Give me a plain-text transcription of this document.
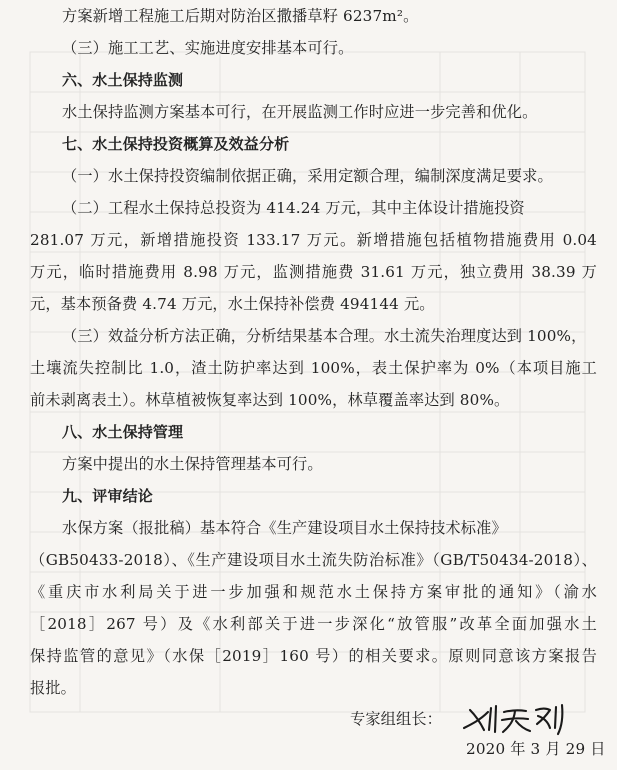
方案新增工程施工后期对防治区撒播草籽 6237m²。
（三）施工工艺、实施进度安排基本可行。
六、水土保持监测
水土保持监测方案基本可行，在开展监测工作时应进一步完善和优化。
七、水土保持投资概算及效益分析
（一）水土保持投资编制依据正确，采用定额合理，编制深度满足要求。
（二）工程水土保持总投资为 414.24 万元，其中主体设计措施投资
281.07 万元，新增措施投资 133.17 万元。新增措施包括植物措施费用 0.04
万元，临时措施费用 8.98 万元，监测措施费 31.61 万元，独立费用 38.39 万
元，基本预备费 4.74 万元，水土保持补偿费 494144 元。
（三）效益分析方法正确，分析结果基本合理。水土流失治理度达到 100%，
土壤流失控制比 1.0，渣土防护率达到 100%，表土保护率为 0%（本项目施工
前未剥离表土）。林草植被恢复率达到 100%，林草覆盖率达到 80%。
八、水土保持管理
方案中提出的水土保持管理基本可行。
九、评审结论
水保方案（报批稿）基本符合《生产建设项目水土保持技术标准》
（GB50433-2018）、《生产建设项目水土流失防治标准》（GB/T50434-2018）、
《重庆市水利局关于进一步加强和规范水土保持方案审批的通知》（渝水
［2018］267 号）及《水利部关于进一步深化“放管服”改革全面加强水土
保持监管的意见》（水保［2019］160 号）的相关要求。原则同意该方案报告
报批。
专家组组长：
2020 年 3 月 29 日
